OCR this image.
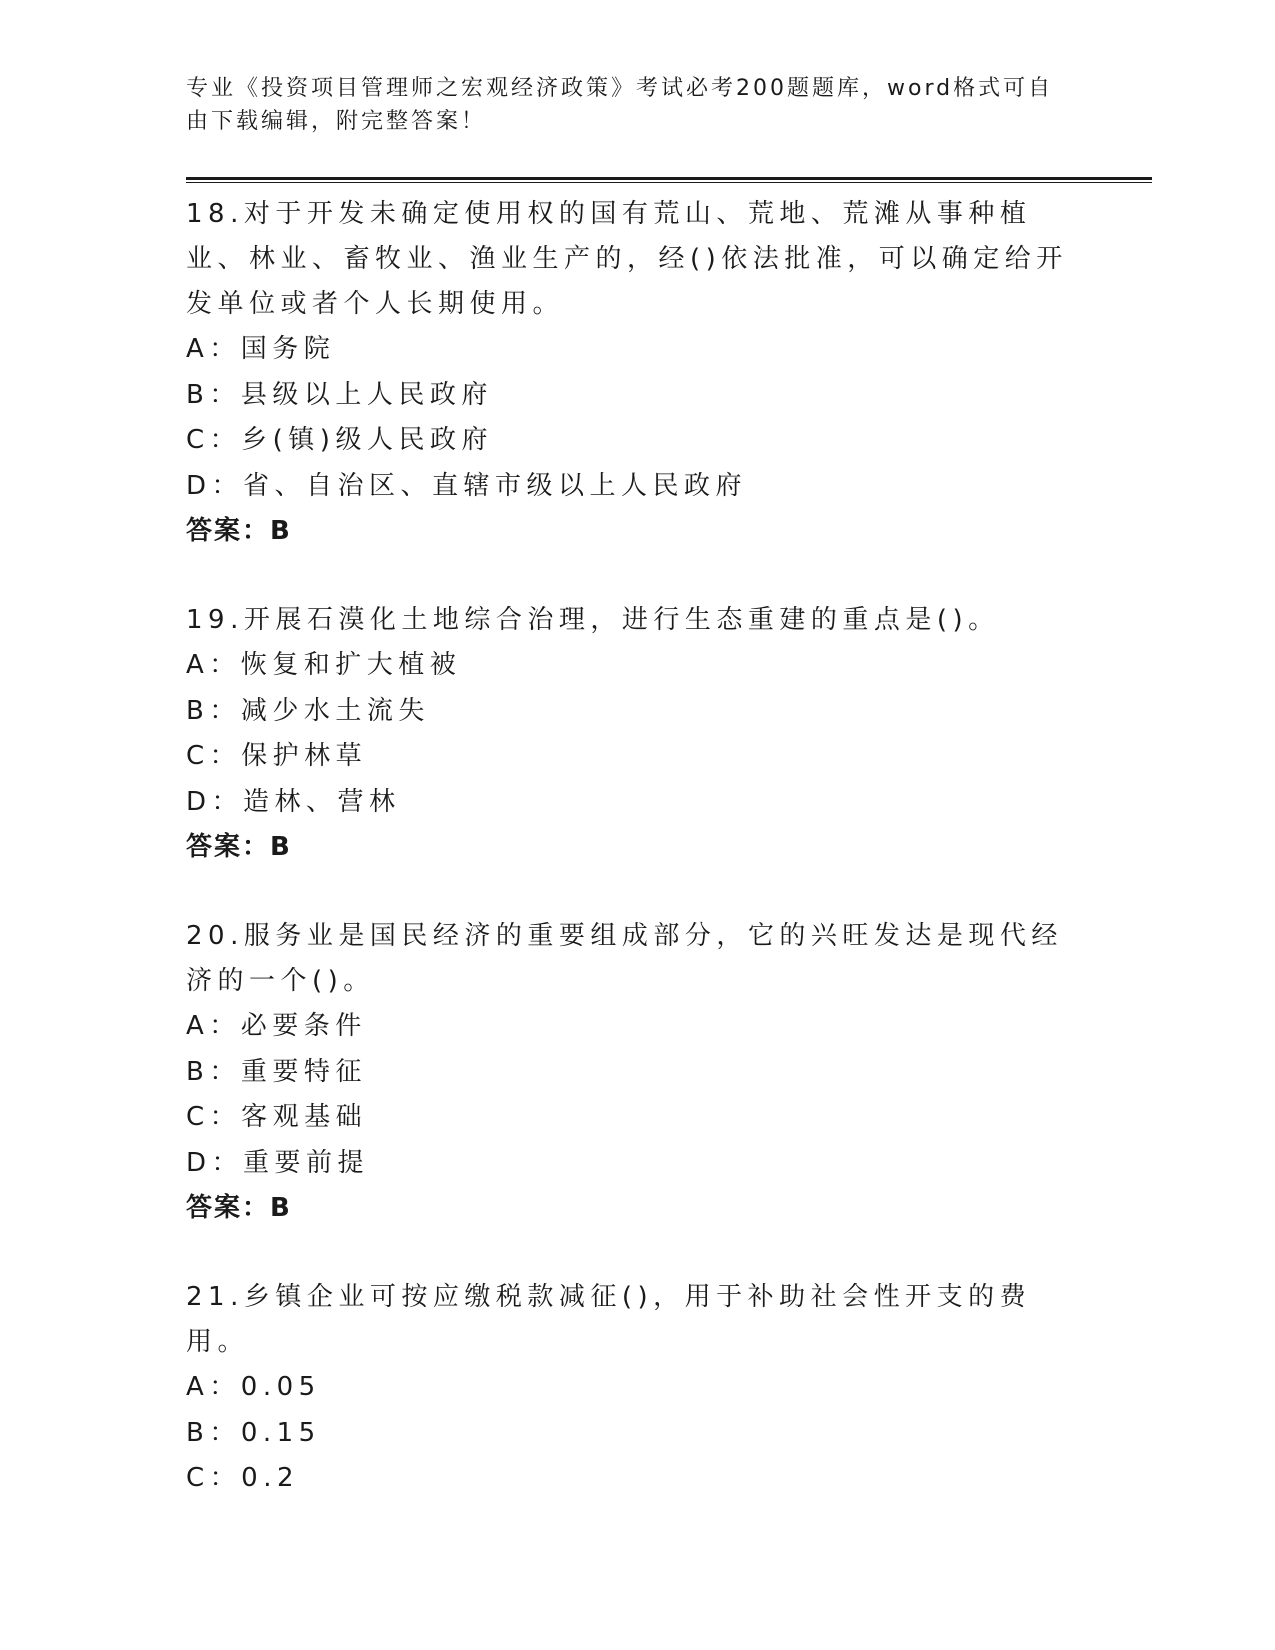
专业《投资项目管理师之宏观经济政策》考试必考200题题库，word格式可自由下载编辑，附完整答案！
18.对于开发未确定使用权的国有荒山、荒地、荒滩从事种植业、林业、畜牧业、渔业生产的，经()依法批准，可以确定给开发单位或者个人长期使用。
A：国务院
B：县级以上人民政府
C：乡(镇)级人民政府
D：省、自治区、直辖市级以上人民政府
答案：B
19.开展石漠化土地综合治理，进行生态重建的重点是()。
A：恢复和扩大植被
B：减少水土流失
C：保护林草
D：造林、营林
答案：B
20.服务业是国民经济的重要组成部分，它的兴旺发达是现代经济的一个()。
A：必要条件
B：重要特征
C：客观基础
D：重要前提
答案：B
21.乡镇企业可按应缴税款减征()，用于补助社会性开支的费用。
A：0.05
B：0.15
C：0.2
